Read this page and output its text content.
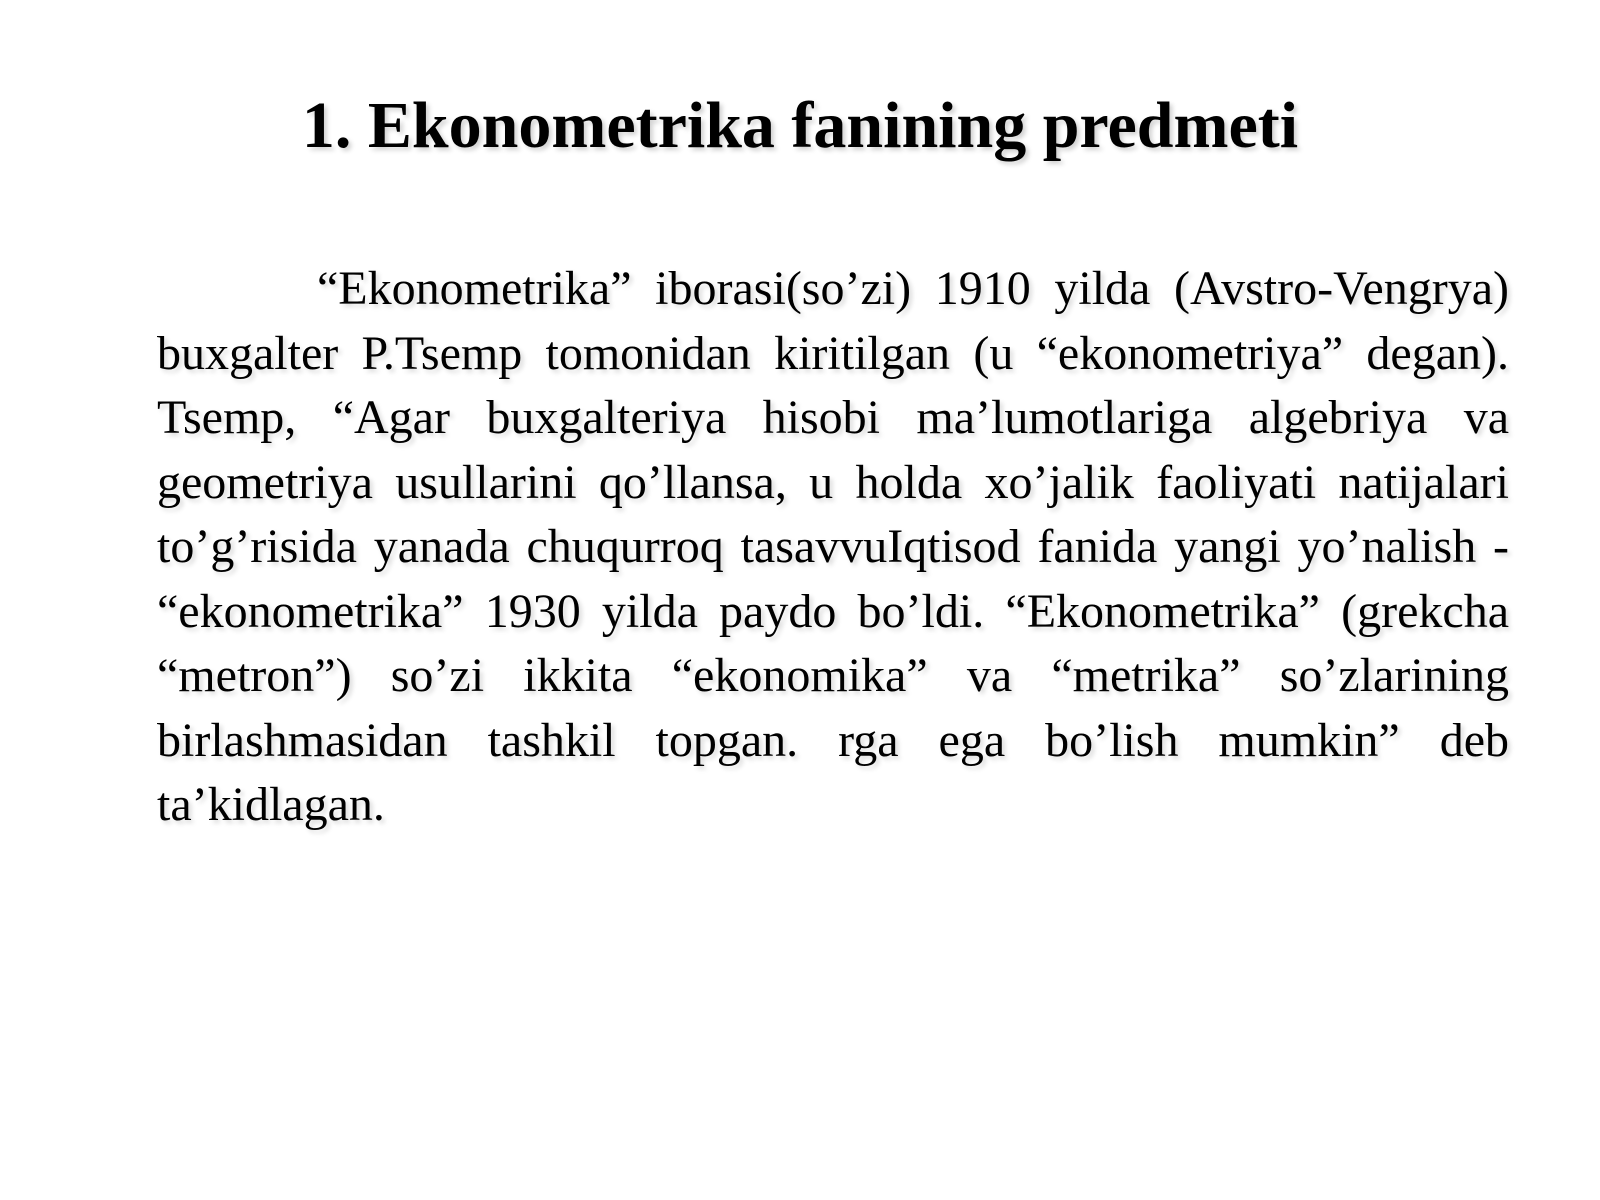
1. Ekonometrika fanining predmeti

“Ekonometrika” iborasi(so’zi) 1910 yilda (Avstro-Vengrya) buxgalter P.Tsemp tomonidan kiritilgan (u “ekonometriya” degan). Tsemp, “Agar buxgalteriya hisobi ma’lumotlariga algebriya va geometriya usullarini qo’llansa, u holda xo’jalik faoliyati natijalari to’g’risida yanada chuqurroq tasavvuIqtisod fanida yangi yo’nalish - “ekonometrika” 1930 yilda paydo bo’ldi. “Ekonometrika” (grekcha “metron”) so’zi ikkita “ekonomika” va “metrika” so’zlarining birlashmasidan tashkil topgan. rga ega bo’lish mumkin” deb ta’kidlagan.
